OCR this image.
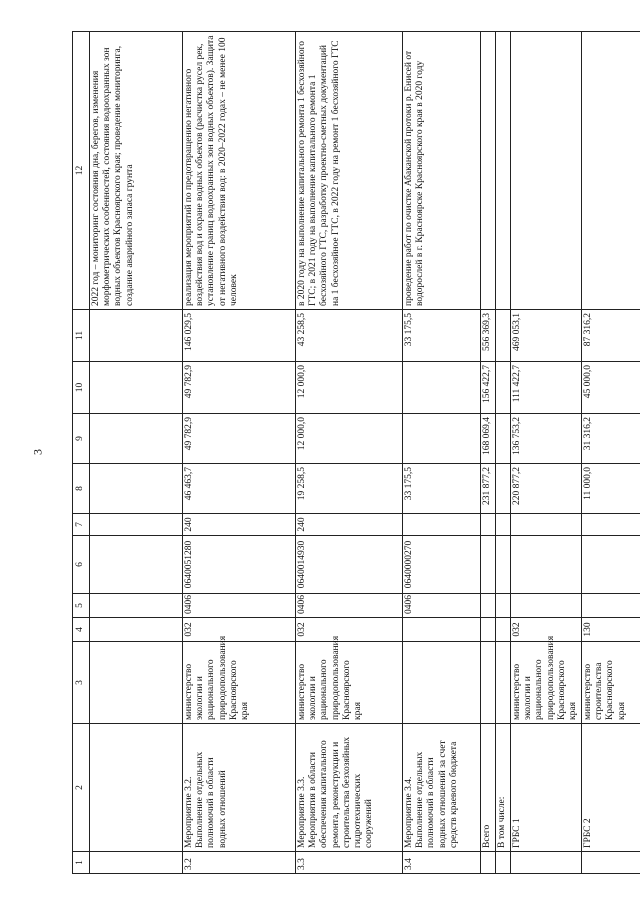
3
1	2	3	4	5	6	7	8	9	10	11	12
											2022 год – мониторинг состояния дна, берегов, изменения морфометрических особенностей, состояния водоохранных зон водных объектов Красноярского края; проведение мониторинга, создание аварийного запаса грунта
3.2	Мероприятие 3.2. Выполнение отдельных полномочий в области водных отношений	министерство экологии и рационального природопользования Красноярского края	032	0406	0640051280	240	46 463,7	49 782,9	49 782,9	146 029,5	реализация мероприятий по предотвращению негативного воздействия вод и охране водных объектов (расчистка русел рек, установление границ водоохранных зон водных объектов). Защита от негативного воздействия вод: в 2020–2022 годах – не менее 100 человек
3.3	Мероприятие 3.3. Мероприятия в области обеспечения капитального ремонта, реконструкции и строительства безхозяйных гидротехнических сооружений	министерство экологии и рационального природопользования Красноярского края	032	0406	0640014930	240	19 258,5	12 000,0	12 000,0	43 258,5	в 2020 году на выполнение капитального ремонта 1 бесхозяйного ГТС; в 2021 году на выполнение капитального ремонта 1 бесхозяйного ГТС, разработку проектно-сметных документаций на 1 бесхозяйное ГТС, в 2022 году на ремонт 1 бесхозяйного ГТС
3.4	Мероприятие 3.4. Выполнение отдельных полномочий в области водных отношений за счет средств краевого бюджета			0406	0640000270		33 175,5			33 175,5	проведение работ по очистке Абаканской протоки р. Енисей от водорослей в г. Красноярске Красноярского края в 2020 году
	Всего						231 877,2	168 069,4	156 422,7	556 369,3	
	В том числе:										
	ГРБС 1	министерство экологии и рационального природопользования Красноярского края	032				220 877,2	136 753,2	111 422,7	469 053,1	
	ГРБС 2	министерство строительства Красноярского края	130				11 000,0	31 316,2	45 000,0	87 316,2	
